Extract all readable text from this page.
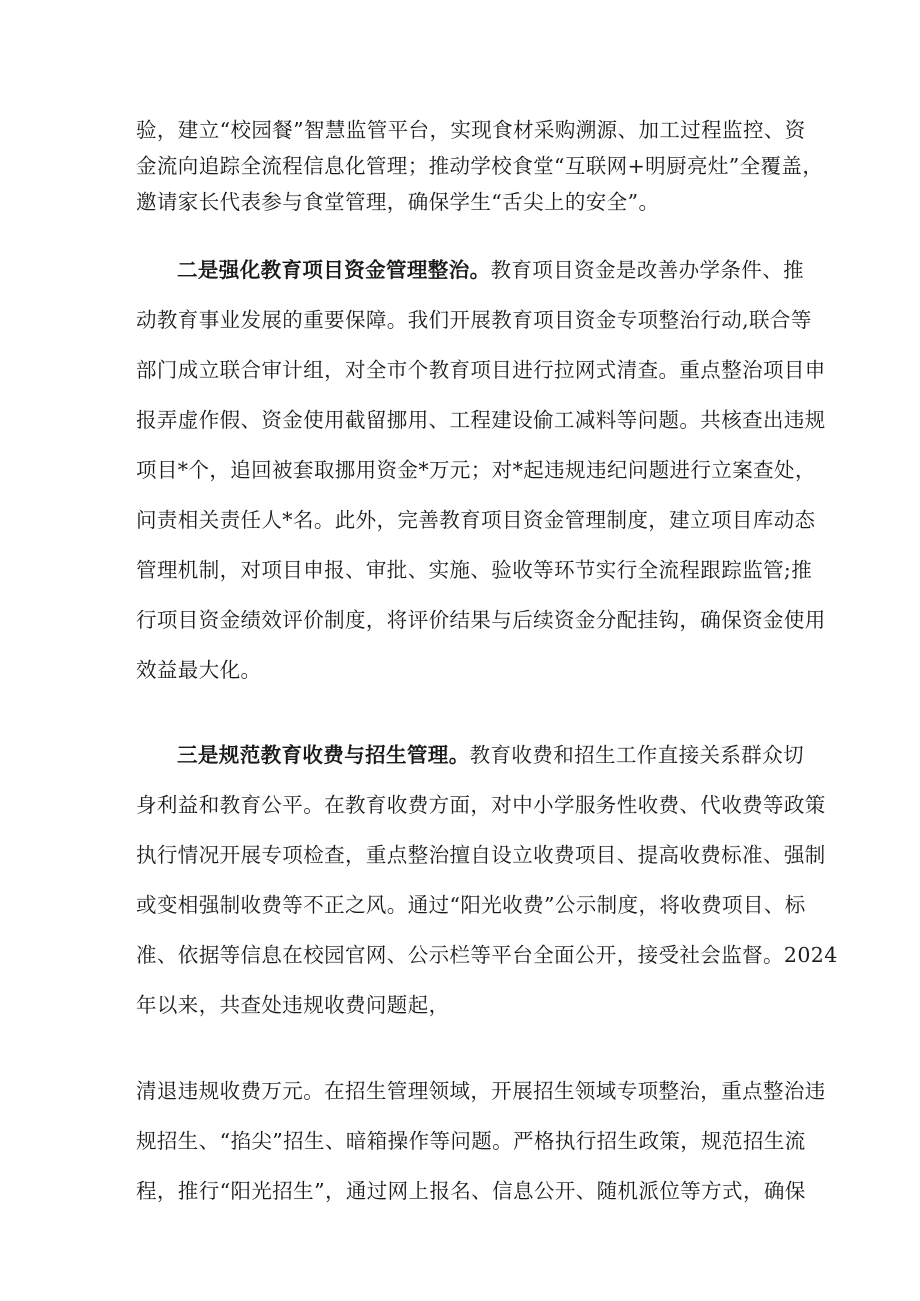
验，建立“校园餐”智慧监管平台，实现食材采购溯源、加工过程监控、资
金流向追踪全流程信息化管理；推动学校食堂“互联网+明厨亮灶”全覆盖，
邀请家长代表参与食堂管理，确保学生“舌尖上的安全”。
二是强化教育项目资金管理整治。教育项目资金是改善办学条件、推
动教育事业发展的重要保障。我们开展教育项目资金专项整治行动,联合等
部门成立联合审计组，对全市个教育项目进行拉网式清查。重点整治项目申
报弄虚作假、资金使用截留挪用、工程建设偷工减料等问题。共核查出违规
项目*个，追回被套取挪用资金*万元；对*起违规违纪问题进行立案查处，
问责相关责任人*名。此外，完善教育项目资金管理制度，建立项目库动态
管理机制，对项目申报、审批、实施、验收等环节实行全流程跟踪监管;推
行项目资金绩效评价制度，将评价结果与后续资金分配挂钩，确保资金使用
效益最大化。
三是规范教育收费与招生管理。教育收费和招生工作直接关系群众切
身利益和教育公平。在教育收费方面，对中小学服务性收费、代收费等政策
执行情况开展专项检查，重点整治擅自设立收费项目、提高收费标准、强制
或变相强制收费等不正之风。通过“阳光收费”公示制度，将收费项目、标
准、依据等信息在校园官网、公示栏等平台全面公开，接受社会监督。2024
年以来，共查处违规收费问题起，
清退违规收费万元。在招生管理领域，开展招生领域专项整治，重点整治违
规招生、“掐尖”招生、暗箱操作等问题。严格执行招生政策，规范招生流
程，推行“阳光招生”，通过网上报名、信息公开、随机派位等方式，确保
